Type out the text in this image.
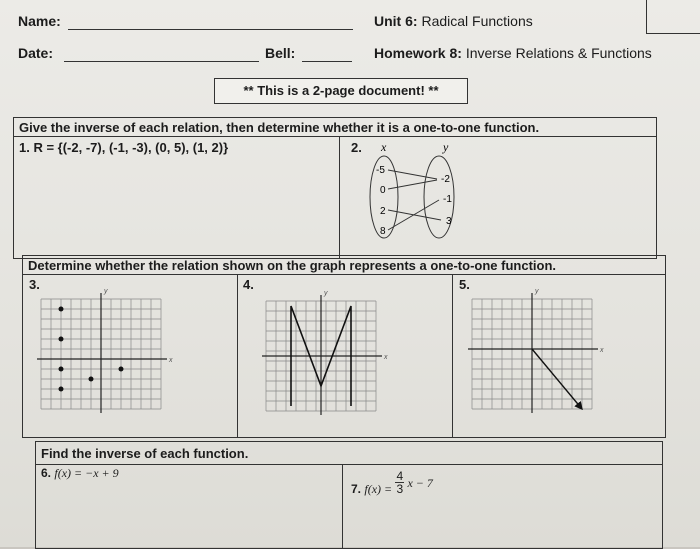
Name:
Date:	Bell:
Unit 6: Radical Functions
Homework 8: Inverse Relations & Functions
** This is a 2-page document! **
Give the inverse of each relation, then determine whether it is a one-to-one function.
1. R = {(-2, -7), (-1, -3), (0, 5), (1, 2)}	2. x	y
-5
0
2
8
-2
-1
3
Determine whether the relation shown on the graph represents a one-to-one function.
3.	4.	5.
x
y
x
y
x
y
Find the inverse of each function.
6. f(x) = −x + 9
7. $f(x) = \frac{4}{3}$ x − 7
